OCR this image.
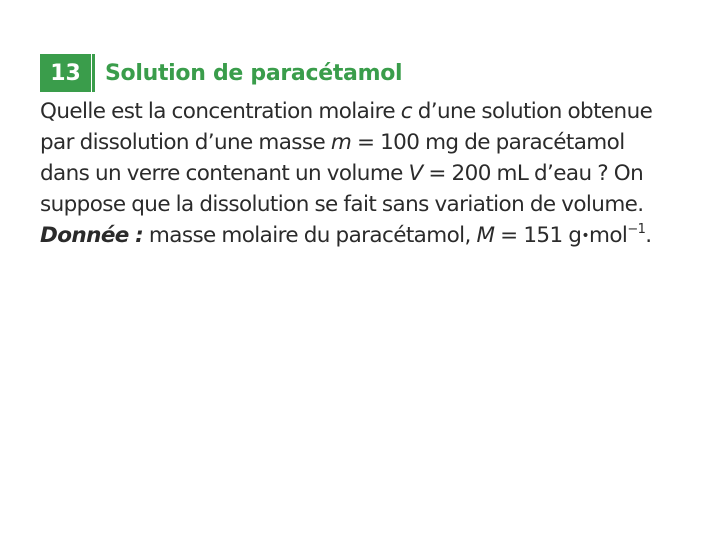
13 Solution de paracétamol
Quelle est la concentration molaire c d’une solution obtenue
par dissolution d’une masse m = 100 mg de paracétamol
dans un verre contenant un volume V = 200 mL d’eau ? On
suppose que la dissolution se fait sans variation de volume.
Donnée : masse molaire du paracétamol, M = 151 g•mol$^{-1}$.
